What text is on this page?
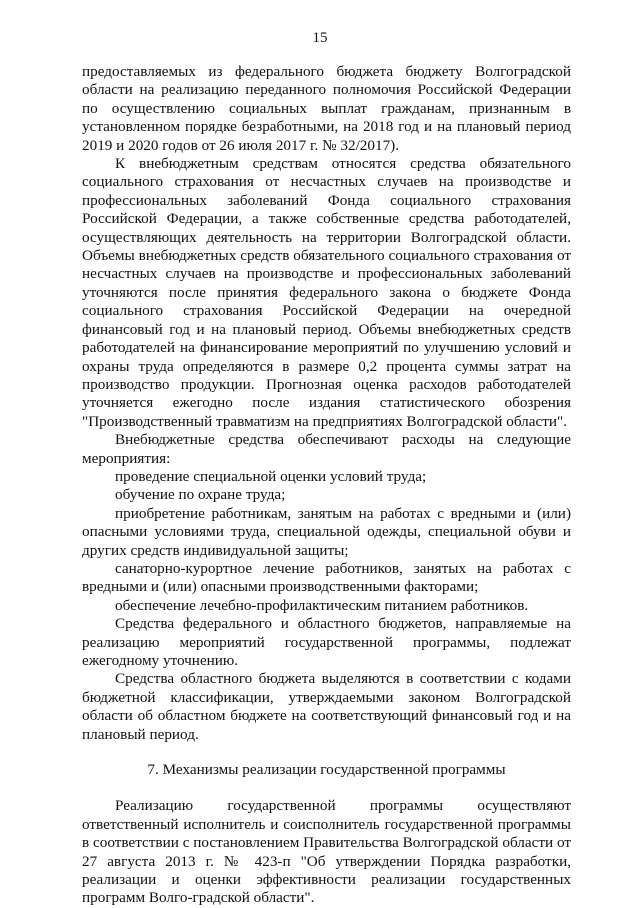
15

предоставляемых из федерального бюджета бюджету Волгоградской области на реализацию переданного полномочия Российской Федерации по осуществлению социальных выплат гражданам, признанным в установленном порядке безработными, на 2018 год и на плановый период 2019 и 2020 годов от 26 июля 2017 г. № 32/2017).

К внебюджетным средствам относятся средства обязательного социального страхования от несчастных случаев на производстве и профессиональных заболеваний Фонда социального страхования Российской Федерации, а также собственные средства работодателей, осуществляющих деятельность на территории Волгоградской области. Объемы внебюджетных средств обязательного социального страхования от несчастных случаев на производстве и профессиональных заболеваний уточняются после принятия федерального закона о бюджете Фонда социального страхования Российской Федерации на очередной финансовый год и на плановый период. Объемы внебюджетных средств работодателей на финансирование мероприятий по улучшению условий и охраны труда определяются в размере 0,2 процента суммы затрат на производство продукции. Прогнозная оценка расходов работодателей уточняется ежегодно после издания статистического обозрения "Производственный травматизм на предприятиях Волгоградской области".

Внебюджетные средства обеспечивают расходы на следующие мероприятия:

проведение специальной оценки условий труда;

обучение по охране труда;

приобретение работникам, занятым на работах с вредными и (или) опасными условиями труда, специальной одежды, специальной обуви и других средств индивидуальной защиты;

санаторно-курортное лечение работников, занятых на работах с вредными и (или) опасными производственными факторами;

обеспечение лечебно-профилактическим питанием работников.

Средства федерального и областного бюджетов, направляемые на реализацию мероприятий государственной программы, подлежат ежегодному уточнению.

Средства областного бюджета выделяются в соответствии с кодами бюджетной классификации, утверждаемыми законом Волгоградской области об областном бюджете на соответствующий финансовый год и на плановый период.

7. Механизмы реализации государственной программы

Реализацию государственной программы осуществляют ответственный исполнитель и соисполнитель государственной программы в соответствии с постановлением Правительства Волгоградской области от 27 августа 2013 г. № 423-п "Об утверждении Порядка разработки, реализации и оценки эффективности реализации государственных программ Волго-градской области".
